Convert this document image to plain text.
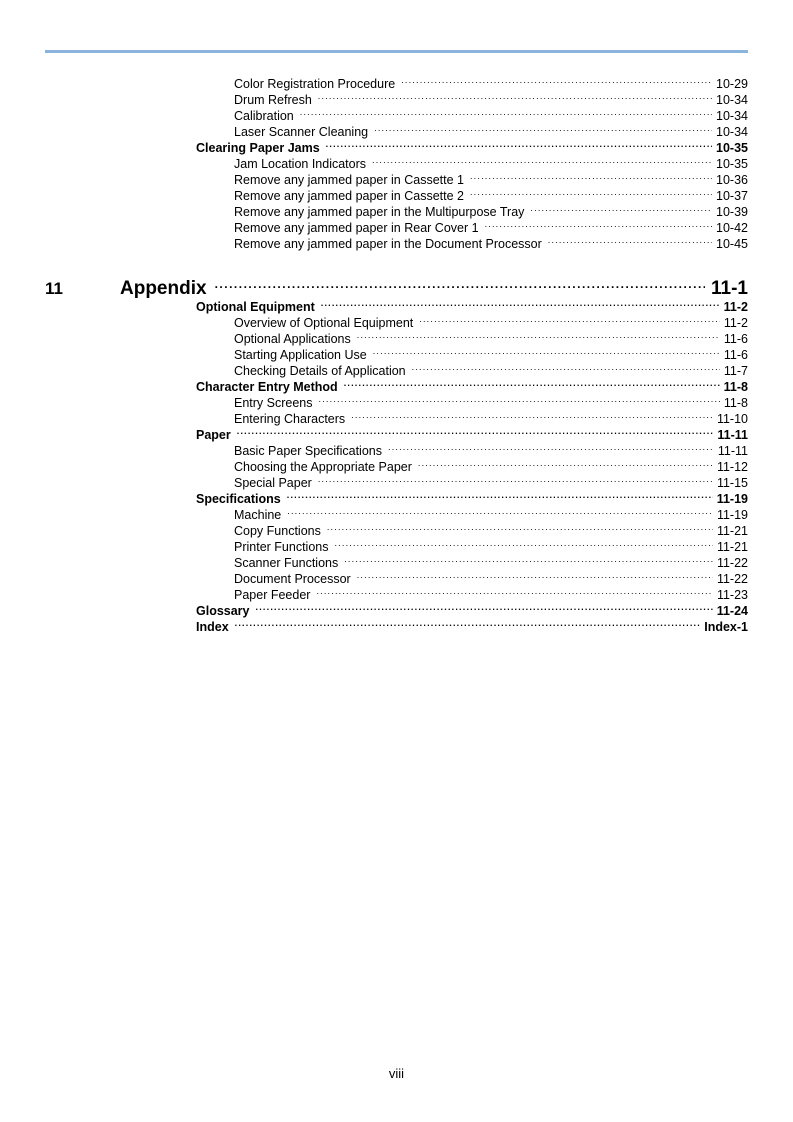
11	Appendix .....	11-1
Color Registration Procedure .....	10-29
Drum Refresh .....	10-34
Calibration .....	10-34
Laser Scanner Cleaning .....	10-34
Clearing Paper Jams .....	10-35
Jam Location Indicators .....	10-35
Remove any jammed paper in Cassette 1 .....	10-36
Remove any jammed paper in Cassette 2 .....	10-37
Remove any jammed paper in the Multipurpose Tray .....	10-39
Remove any jammed paper in Rear Cover 1 .....	10-42
Remove any jammed paper in the Document Processor .....	10-45
Optional Equipment .....	11-2
Overview of Optional Equipment .....	11-2
Optional Applications .....	11-6
Starting Application Use .....	11-6
Checking Details of Application .....	11-7
Character Entry Method .....	11-8
Entry Screens .....	11-8
Entering Characters .....	11-10
Paper .....	11-11
Basic Paper Specifications .....	11-11
Choosing the Appropriate Paper .....	11-12
Special Paper .....	11-15
Specifications .....	11-19
Machine .....	11-19
Copy Functions .....	11-21
Printer Functions .....	11-21
Scanner Functions .....	11-22
Document Processor .....	11-22
Paper Feeder .....	11-23
Glossary .....	11-24
Index .....	Index-1
viii
